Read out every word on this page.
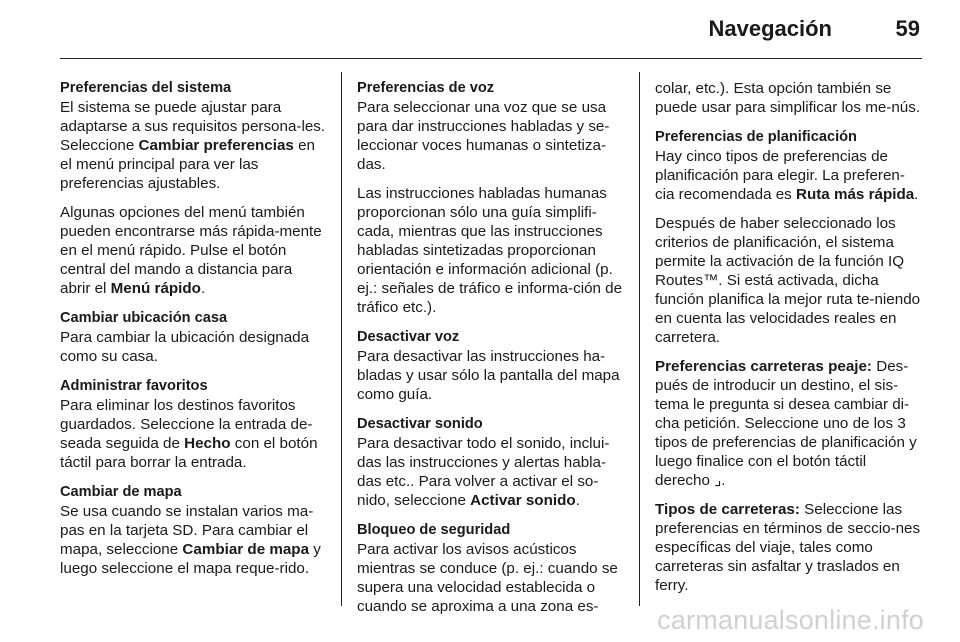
Navegación	59
Preferencias del sistema

El sistema se puede ajustar para adaptarse a sus requisitos persona-les. Seleccione Cambiar preferencias en el menú principal para ver las preferencias ajustables.

Algunas opciones del menú también pueden encontrarse más rápida-mente en el menú rápido. Pulse el botón central del mando a distancia para abrir el Menú rápido.

Cambiar ubicación casa

Para cambiar la ubicación designada como su casa.

Administrar favoritos

Para eliminar los destinos favoritos guardados. Seleccione la entrada de-seada seguida de Hecho con el botón táctil para borrar la entrada.

Cambiar de mapa

Se usa cuando se instalan varios ma-pas en la tarjeta SD. Para cambiar el mapa, seleccione Cambiar de mapa y luego seleccione el mapa reque-rido.

Preferencias de voz

Para seleccionar una voz que se usa para dar instrucciones habladas y se-leccionar voces humanas o sintetiza-das.

Las instrucciones habladas humanas proporcionan sólo una guía simplifi-cada, mientras que las instrucciones habladas sintetizadas proporcionan orientación e información adicional (p. ej.: señales de tráfico e informa-ción de tráfico etc.).

Desactivar voz

Para desactivar las instrucciones ha-bladas y usar sólo la pantalla del mapa como guía.

Desactivar sonido

Para desactivar todo el sonido, inclui-das las instrucciones y alertas habla-das etc.. Para volver a activar el so-nido, seleccione Activar sonido.

Bloqueo de seguridad

Para activar los avisos acústicos mientras se conduce (p. ej.: cuando se supera una velocidad establecida o cuando se aproxima a una zona es-

colar, etc.). Esta opción también se puede usar para simplificar los me-nús.

Preferencias de planificación

Hay cinco tipos de preferencias de planificación para elegir. La preferen-cia recomendada es Ruta más rápida.

Después de haber seleccionado los criterios de planificación, el sistema permite la activación de la función IQ Routes™. Si está activada, dicha función planifica la mejor ruta te-niendo en cuenta las velocidades reales en carretera.

Preferencias carreteras peaje: Des-pués de introducir un destino, el sis-tema le pregunta si desea cambiar di-cha petición. Seleccione uno de los 3 tipos de preferencias de planificación y luego finalice con el botón táctil derecho ⌟.

Tipos de carreteras: Seleccione las preferencias en términos de seccio-nes específicas del viaje, tales como carreteras sin asfaltar y traslados en ferry.

carmanualsonline.info
